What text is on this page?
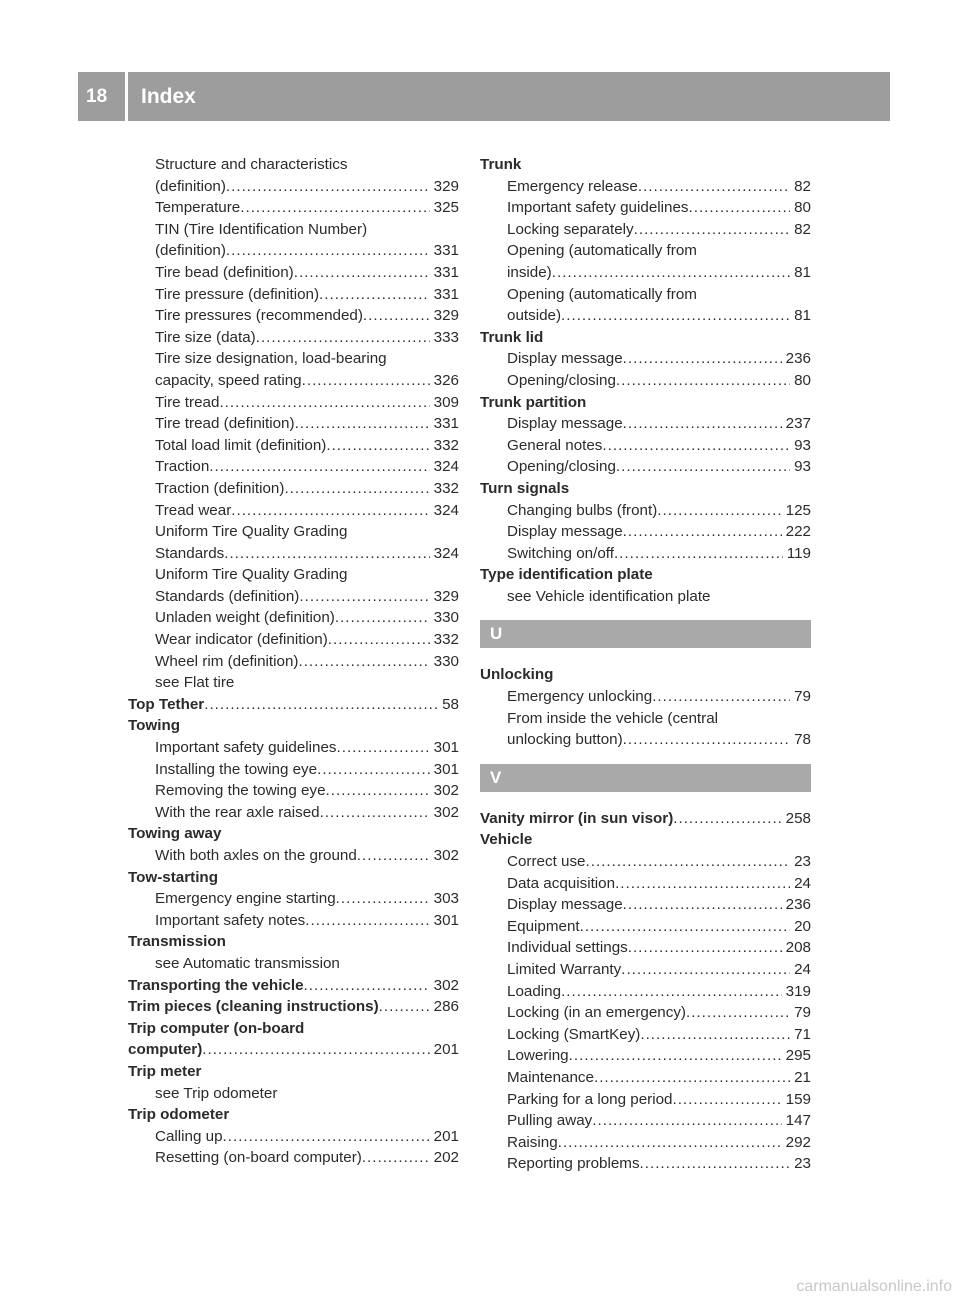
18	Index
Structure and characteristics
(definition) .....	329
Temperature .....	325
TIN (Tire Identification Number)
(definition) .....	331
Tire bead (definition) .....	331
Tire pressure (definition) .....	331
Tire pressures (recommended) .....	329
Tire size (data) .....	333
Tire size designation, load-bearing
capacity, speed rating .....	326
Tire tread .....	309
Tire tread (definition) .....	331
Total load limit (definition) .....	332
Traction .....	324
Traction (definition) .....	332
Tread wear .....	324
Uniform Tire Quality Grading
Standards .....	324
Uniform Tire Quality Grading
Standards (definition) .....	329
Unladen weight (definition) .....	330
Wear indicator (definition) .....	332
Wheel rim (definition) .....	330
see Flat tire
Top Tether .....	58
Towing
Important safety guidelines .....	301
Installing the towing eye .....	301
Removing the towing eye .....	302
With the rear axle raised .....	302
Towing away
With both axles on the ground .....	302
Tow-starting
Emergency engine starting .....	303
Important safety notes .....	301
Transmission
see Automatic transmission
Transporting the vehicle .....	302
Trim pieces (cleaning instructions) .....	286
Trip computer (on-board
computer) .....	201
Trip meter
see Trip odometer
Trip odometer
Calling up .....	201
Resetting (on-board computer) .....	202
Trunk
Emergency release .....	82
Important safety guidelines .....	80
Locking separately .....	82
Opening (automatically from
inside) .....	81
Opening (automatically from
outside) .....	81
Trunk lid
Display message .....	236
Opening/closing .....	80
Trunk partition
Display message .....	237
General notes .....	93
Opening/closing .....	93
Turn signals
Changing bulbs (front) .....	125
Display message .....	222
Switching on/off .....	119
Type identification plate
see Vehicle identification plate
U
Unlocking
Emergency unlocking .....	79
From inside the vehicle (central
unlocking button) .....	78
V
Vanity mirror (in sun visor) .....	258
Vehicle
Correct use .....	23
Data acquisition .....	24
Display message .....	236
Equipment .....	20
Individual settings .....	208
Limited Warranty .....	24
Loading .....	319
Locking (in an emergency) .....	79
Locking (SmartKey) .....	71
Lowering .....	295
Maintenance .....	21
Parking for a long period .....	159
Pulling away .....	147
Raising .....	292
Reporting problems .....	23
carmanualsonline.info
